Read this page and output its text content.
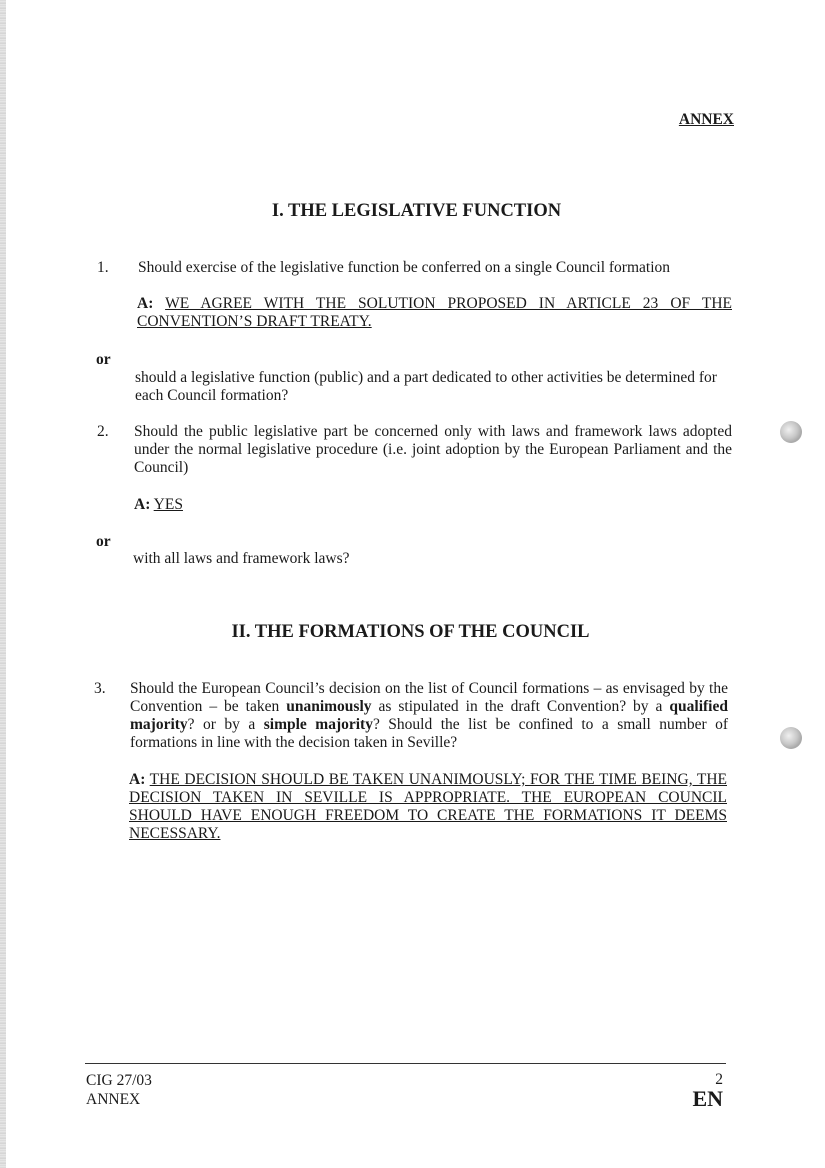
ANNEX
I. THE LEGISLATIVE FUNCTION
1. Should exercise of the legislative function be conferred on a single Council formation
A: WE AGREE WITH THE SOLUTION PROPOSED IN ARTICLE 23 OF THE CONVENTION’S DRAFT TREATY.
or
should a legislative function (public) and a part dedicated to other activities be determined for each Council formation?
2. Should the public legislative part be concerned only with laws and framework laws adopted under the normal legislative procedure (i.e. joint adoption by the European Parliament and the Council)
A: YES
or
with all laws and framework laws?
II. THE FORMATIONS OF THE COUNCIL
3. Should the European Council’s decision on the list of Council formations – as envisaged by the Convention – be taken unanimously as stipulated in the draft Convention? by a qualified majority? or by a simple majority? Should the list be confined to a small number of formations in line with the decision taken in Seville?
A: THE DECISION SHOULD BE TAKEN UNANIMOUSLY; FOR THE TIME BEING, THE DECISION TAKEN IN SEVILLE IS APPROPRIATE. THE EUROPEAN COUNCIL SHOULD HAVE ENOUGH FREEDOM TO CREATE THE FORMATIONS IT DEEMS NECESSARY.
CIG 27/03
ANNEX
2
EN
